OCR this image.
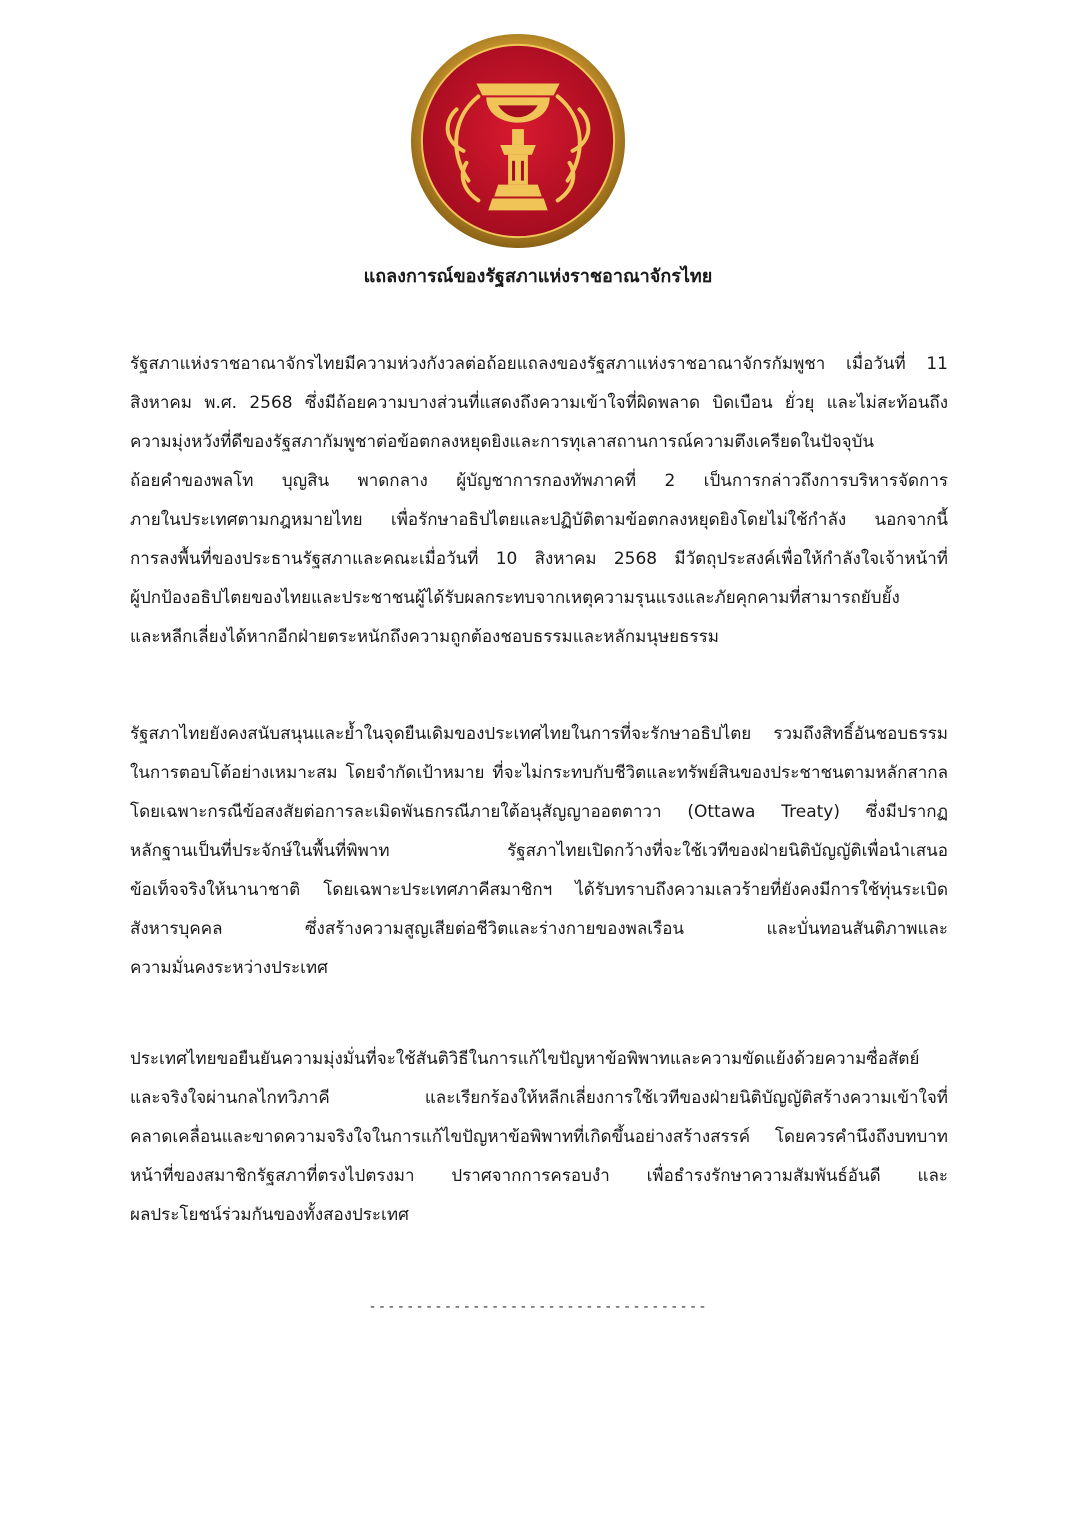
แถลงการณ์ของรัฐสภาแห่งราชอาณาจักรไทย
รัฐสภาแห่งราชอาณาจักรไทยมีความห่วงกังวลต่อถ้อยแถลงของรัฐสภาแห่งราชอาณาจักรกัมพูชา เมื่อวันที่ 11
สิงหาคม พ.ศ. 2568 ซึ่งมีถ้อยความบางส่วนที่แสดงถึงความเข้าใจที่ผิดพลาด บิดเบือน ยั่วยุ และไม่สะท้อนถึง
ความมุ่งหวังที่ดีของรัฐสภากัมพูชาต่อข้อตกลงหยุดยิงและการทุเลาสถานการณ์ความตึงเครียดในปัจจุบัน
ถ้อยคำของพลโท บุญสิน พาดกลาง ผู้บัญชาการกองทัพภาคที่ 2 เป็นการกล่าวถึงการบริหารจัดการ
ภายในประเทศตามกฎหมายไทย เพื่อรักษาอธิปไตยและปฏิบัติตามข้อตกลงหยุดยิงโดยไม่ใช้กำลัง นอกจากนี้
การลงพื้นที่ของประธานรัฐสภาและคณะเมื่อวันที่ 10 สิงหาคม 2568 มีวัตถุประสงค์เพื่อให้กำลังใจเจ้าหน้าที่
ผู้ปกป้องอธิปไตยของไทยและประชาชนผู้ได้รับผลกระทบจากเหตุความรุนแรงและภัยคุกคามที่สามารถยับยั้ง
และหลีกเลี่ยงได้หากอีกฝ่ายตระหนักถึงความถูกต้องชอบธรรมและหลักมนุษยธรรม
รัฐสภาไทยยังคงสนับสนุนและย้ำในจุดยืนเดิมของประเทศไทยในการที่จะรักษาอธิปไตย รวมถึงสิทธิ์อันชอบธรรม
ในการตอบโต้อย่างเหมาะสม โดยจำกัดเป้าหมาย ที่จะไม่กระทบกับชีวิตและทรัพย์สินของประชาชนตามหลักสากล
โดยเฉพาะกรณีข้อสงสัยต่อการละเมิดพันธกรณีภายใต้อนุสัญญาออตตาวา (Ottawa Treaty) ซึ่งมีปรากฏ
หลักฐานเป็นที่ประจักษ์ในพื้นที่พิพาท รัฐสภาไทยเปิดกว้างที่จะใช้เวทีของฝ่ายนิติบัญญัติเพื่อนำเสนอ
ข้อเท็จจริงให้นานาชาติ โดยเฉพาะประเทศภาคีสมาชิกฯ ได้รับทราบถึงความเลวร้ายที่ยังคงมีการใช้ทุ่นระเบิด
สังหารบุคคล ซึ่งสร้างความสูญเสียต่อชีวิตและร่างกายของพลเรือน และบั่นทอนสันติภาพและ
ความมั่นคงระหว่างประเทศ
ประเทศไทยขอยืนยันความมุ่งมั่นที่จะใช้สันติวิธีในการแก้ไขปัญหาข้อพิพาทและความขัดแย้งด้วยความซื่อสัตย์
และจริงใจผ่านกลไกทวิภาคี และเรียกร้องให้หลีกเลี่ยงการใช้เวทีของฝ่ายนิติบัญญัติสร้างความเข้าใจที่
คลาดเคลื่อนและขาดความจริงใจในการแก้ไขปัญหาข้อพิพาทที่เกิดขึ้นอย่างสร้างสรรค์ โดยควรคำนึงถึงบทบาท
หน้าที่ของสมาชิกรัฐสภาที่ตรงไปตรงมา ปราศจากการครอบงำ เพื่อธำรงรักษาความสัมพันธ์อันดี และ
ผลประโยชน์ร่วมกันของทั้งสองประเทศ
------------------------------------
